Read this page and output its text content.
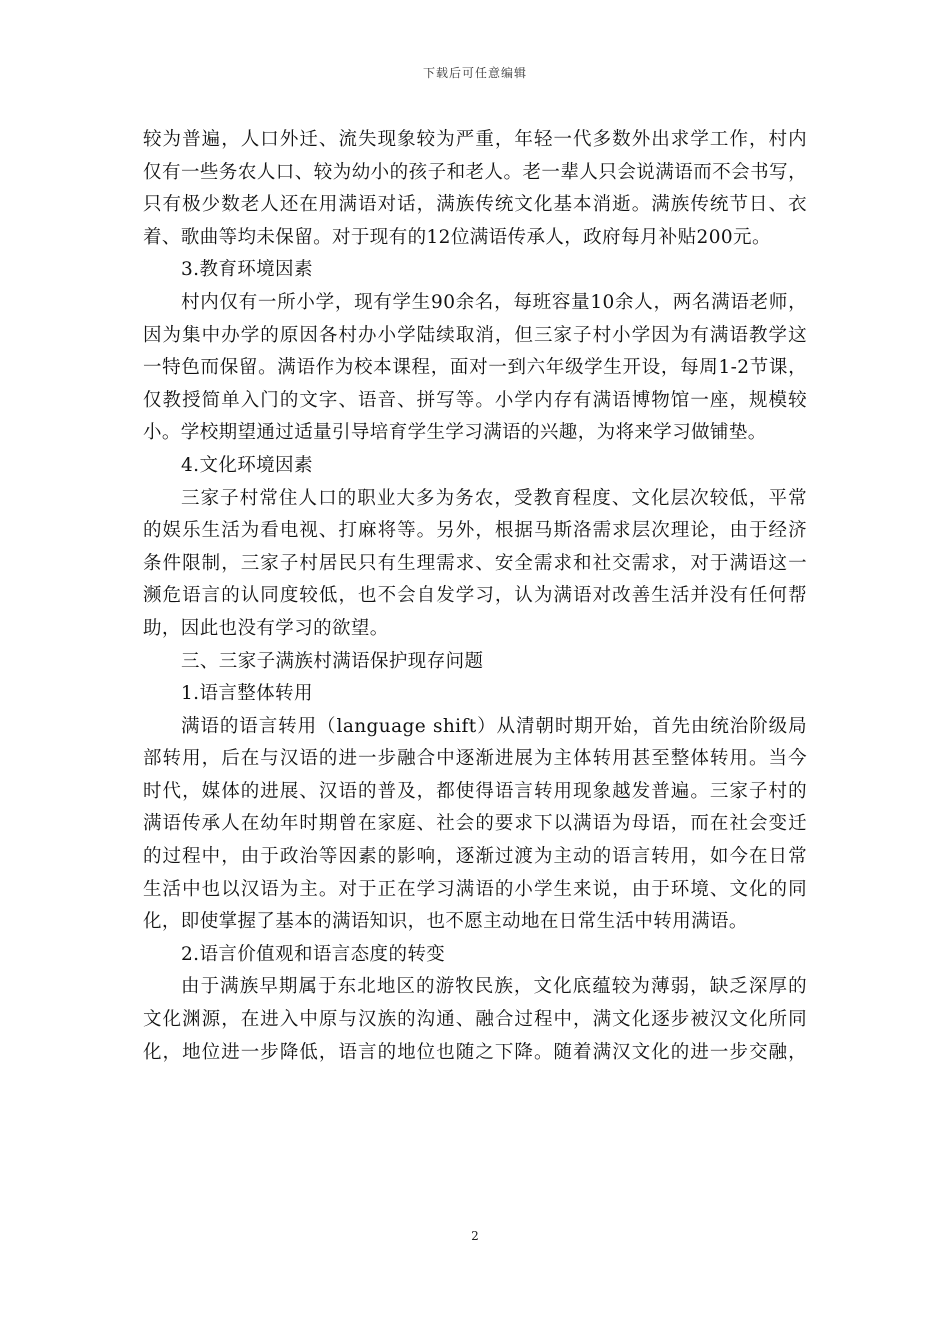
下载后可任意编辑
较为普遍，人口外迁、流失现象较为严重，年轻一代多数外出求学工作，村内
仅有一些务农人口、较为幼小的孩子和老人。老一辈人只会说满语而不会书写，
只有极少数老人还在用满语对话，满族传统文化基本消逝。满族传统节日、衣
着、歌曲等均未保留。对于现有的12位满语传承人，政府每月补贴200元。
3.教育环境因素
村内仅有一所小学，现有学生90余名，每班容量10余人，两名满语老师，
因为集中办学的原因各村办小学陆续取消，但三家子村小学因为有满语教学这
一特色而保留。满语作为校本课程，面对一到六年级学生开设，每周1-2节课，
仅教授简单入门的文字、语音、拼写等。小学内存有满语博物馆一座，规模较
小。学校期望通过适量引导培育学生学习满语的兴趣，为将来学习做铺垫。
4.文化环境因素
三家子村常住人口的职业大多为务农，受教育程度、文化层次较低，平常
的娱乐生活为看电视、打麻将等。另外，根据马斯洛需求层次理论，由于经济
条件限制，三家子村居民只有生理需求、安全需求和社交需求，对于满语这一
濒危语言的认同度较低，也不会自发学习，认为满语对改善生活并没有任何帮
助，因此也没有学习的欲望。
三、三家子满族村满语保护现存问题
1.语言整体转用
满语的语言转用（language shift）从清朝时期开始，首先由统治阶级局
部转用，后在与汉语的进一步融合中逐渐进展为主体转用甚至整体转用。当今
时代，媒体的进展、汉语的普及，都使得语言转用现象越发普遍。三家子村的
满语传承人在幼年时期曾在家庭、社会的要求下以满语为母语，而在社会变迁
的过程中，由于政治等因素的影响，逐渐过渡为主动的语言转用，如今在日常
生活中也以汉语为主。对于正在学习满语的小学生来说，由于环境、文化的同
化，即使掌握了基本的满语知识，也不愿主动地在日常生活中转用满语。
2.语言价值观和语言态度的转变
由于满族早期属于东北地区的游牧民族，文化底蕴较为薄弱，缺乏深厚的
文化渊源，在进入中原与汉族的沟通、融合过程中，满文化逐步被汉文化所同
化，地位进一步降低，语言的地位也随之下降。随着满汉文化的进一步交融，
2
